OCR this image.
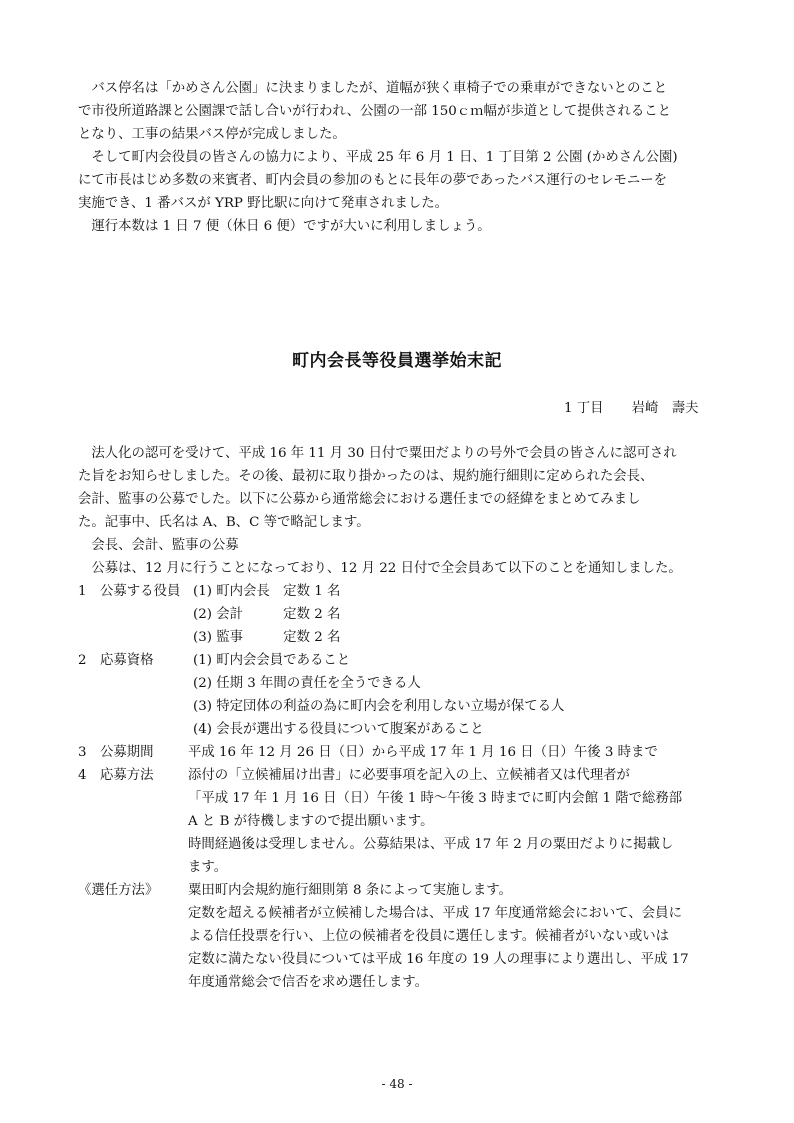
　バス停名は「かめさん公園」に決まりましたが、道幅が狭く車椅子での乗車ができないとのこと
で市役所道路課と公園課で話し合いが行われ、公園の一部 150ｃｍ幅が歩道として提供されること
となり、工事の結果バス停が完成しました。
　そして町内会役員の皆さんの協力により、平成 25 年 6 月 1 日、1 丁目第 2 公園 (かめさん公園)
にて市長はじめ多数の来賓者、町内会員の参加のもとに長年の夢であったバス運行のセレモニーを
実施でき、1 番バスが YRP 野比駅に向けて発車されました。
　運行本数は 1 日 7 便（休日 6 便）ですが大いに利用しましょう。
町内会長等役員選挙始末記
1 丁目 岩崎　壽夫
　法人化の認可を受けて、平成 16 年 11 月 30 日付で粟田だよりの号外で会員の皆さんに認可され
た旨をお知らせしました。その後、最初に取り掛かったのは、規約施行細則に定められた会長、
会計、監事の公募でした。以下に公募から通常総会における選任までの経緯をまとめてみまし
た。記事中、氏名は A、B、C 等で略記します。
　会長、会計、監事の公募
　公募は、12 月に行うことになっており、12 月 22 日付で全会員あて以下のことを通知しました。
1 公募する役員 (1) 町内会長　定数 1 名
(2) 会計　　　定数 2 名
(3) 監事　　　定数 2 名
2 応募資格	(1) 町内会会員であること
(2) 任期 3 年間の責任を全うできる人
(3) 特定団体の利益の為に町内会を利用しない立場が保てる人
(4) 会長が選出する役員について腹案があること
3 公募期間	平成 16 年 12 月 26 日（日）から平成 17 年 1 月 16 日（日）午後 3 時まで
4 応募方法	添付の「立候補届け出書」に必要事項を記入の上、立候補者又は代理者が
「平成 17 年 1 月 16 日（日）午後 1 時～午後 3 時までに町内会館 1 階で総務部
A と B が待機しますので提出願います。
時間経過後は受理しません。公募結果は、平成 17 年 2 月の粟田だよりに掲載し
ます。
《選任方法》 粟田町内会規約施行細則第 8 条によって実施します。
定数を超える候補者が立候補した場合は、平成 17 年度通常総会において、会員に
よる信任投票を行い、上位の候補者を役員に選任します。候補者がいない或いは
定数に満たない役員については平成 16 年度の 19 人の理事により選出し、平成 17
年度通常総会で信否を求め選任します。
- 48 -
